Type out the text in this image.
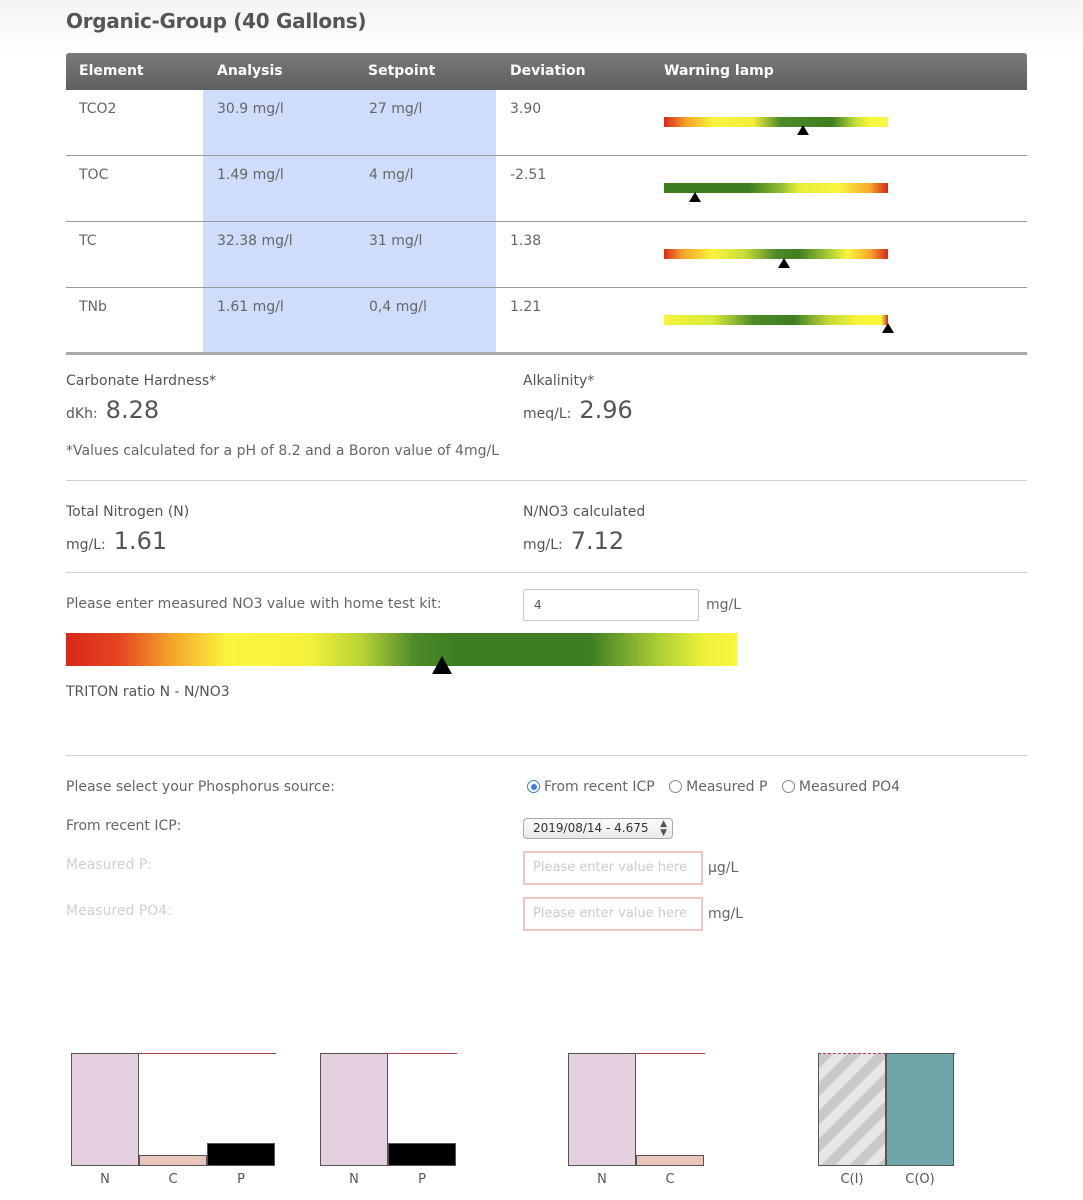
Organic-Group (40 Gallons)
Element	Analysis	Setpoint	Deviation	Warning lamp
TCO2	30.9 mg/l	27 mg/l	3.90
TOC	1.49 mg/l	4 mg/l	-2.51
TC	32.38 mg/l	31 mg/l	1.38
TNb	1.61 mg/l	0,4 mg/l	1.21
Carbonate Hardness*
dKh: 8.28
Alkalinity*
meq/L: 2.96
*Values calculated for a pH of 8.2 and a Boron value of 4mg/L
Total Nitrogen (N)
mg/L: 1.61
N/NO3 calculated
mg/L: 7.12
Please enter measured NO3 value with home test kit:
4	mg/L
TRITON ratio N - N/NO3
Please select your Phosphorus source:	From recent ICP Measured P Measured PO4
From recent ICP:	2019/08/14 - 4.675 ▲
▼
Measured P:	Please enter value here	µg/L
Measured PO4:	Please enter value here	mg/L
N	C	P	N	P	N	C	C(I)	C(O)
